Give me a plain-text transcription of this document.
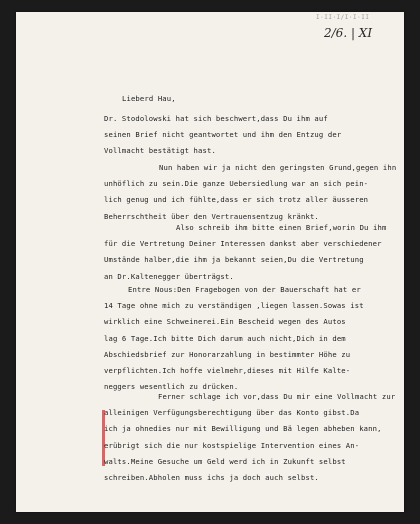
I·II·I/I·I·II
2/6. | XI
Lieberd Hau,
Dr. Stodolowski hat sich beschwert,dass Du ihm auf
seinen Brief nicht geantwortet und ihm den Entzug der
Vollmacht bestätigt hast.
Nun haben wir ja nicht den geringsten Grund,gegen ihn
unhöflich zu sein.Die ganze Uebersiedlung war an sich pein-
lich genug und ich fühlte,dass er sich trotz aller äusseren
Beherrschtheit über den Vertrauensentzug kränkt.
Also schreib ihm bitte einen Brief,worin Du ihm
für die Vertretung Deiner Interessen dankst aber verschiedener
Umstände halber,die ihm ja bekannt seien,Du die Vertretung
an Dr.Kaltenegger überträgst.
Entre Nous:Den Fragebogen von der Bauerschaft hat er
14 Tage ohne mich zu verständigen ,liegen lassen.Sowas ist
wirklich eine Schweinerei.Ein Bescheid wegen des Autos
lag 6 Tage.Ich bitte Dich darum auch nicht,Dich in dem
Abschiedsbrief zur Honorarzahlung in bestimmter Höhe zu
verpflichten.Ich hoffe vielmehr,dieses mit Hilfe Kalte-
neggers wesentlich zu drücken.
Ferner schlage ich vor,dass Du mir eine Vollmacht zur
alleinigen Verfügungsberechtigung über das Konto gibst.Da
ich ja ohnedies nur mit Bewilligung und Bä legen abheben kann,
erübrigt sich die nur kostspielige Intervention eines An-
walts.Meine Gesuche um Geld werd ich in Zukunft selbst
schreiben.Abholen muss ichs ja doch auch selbst.
